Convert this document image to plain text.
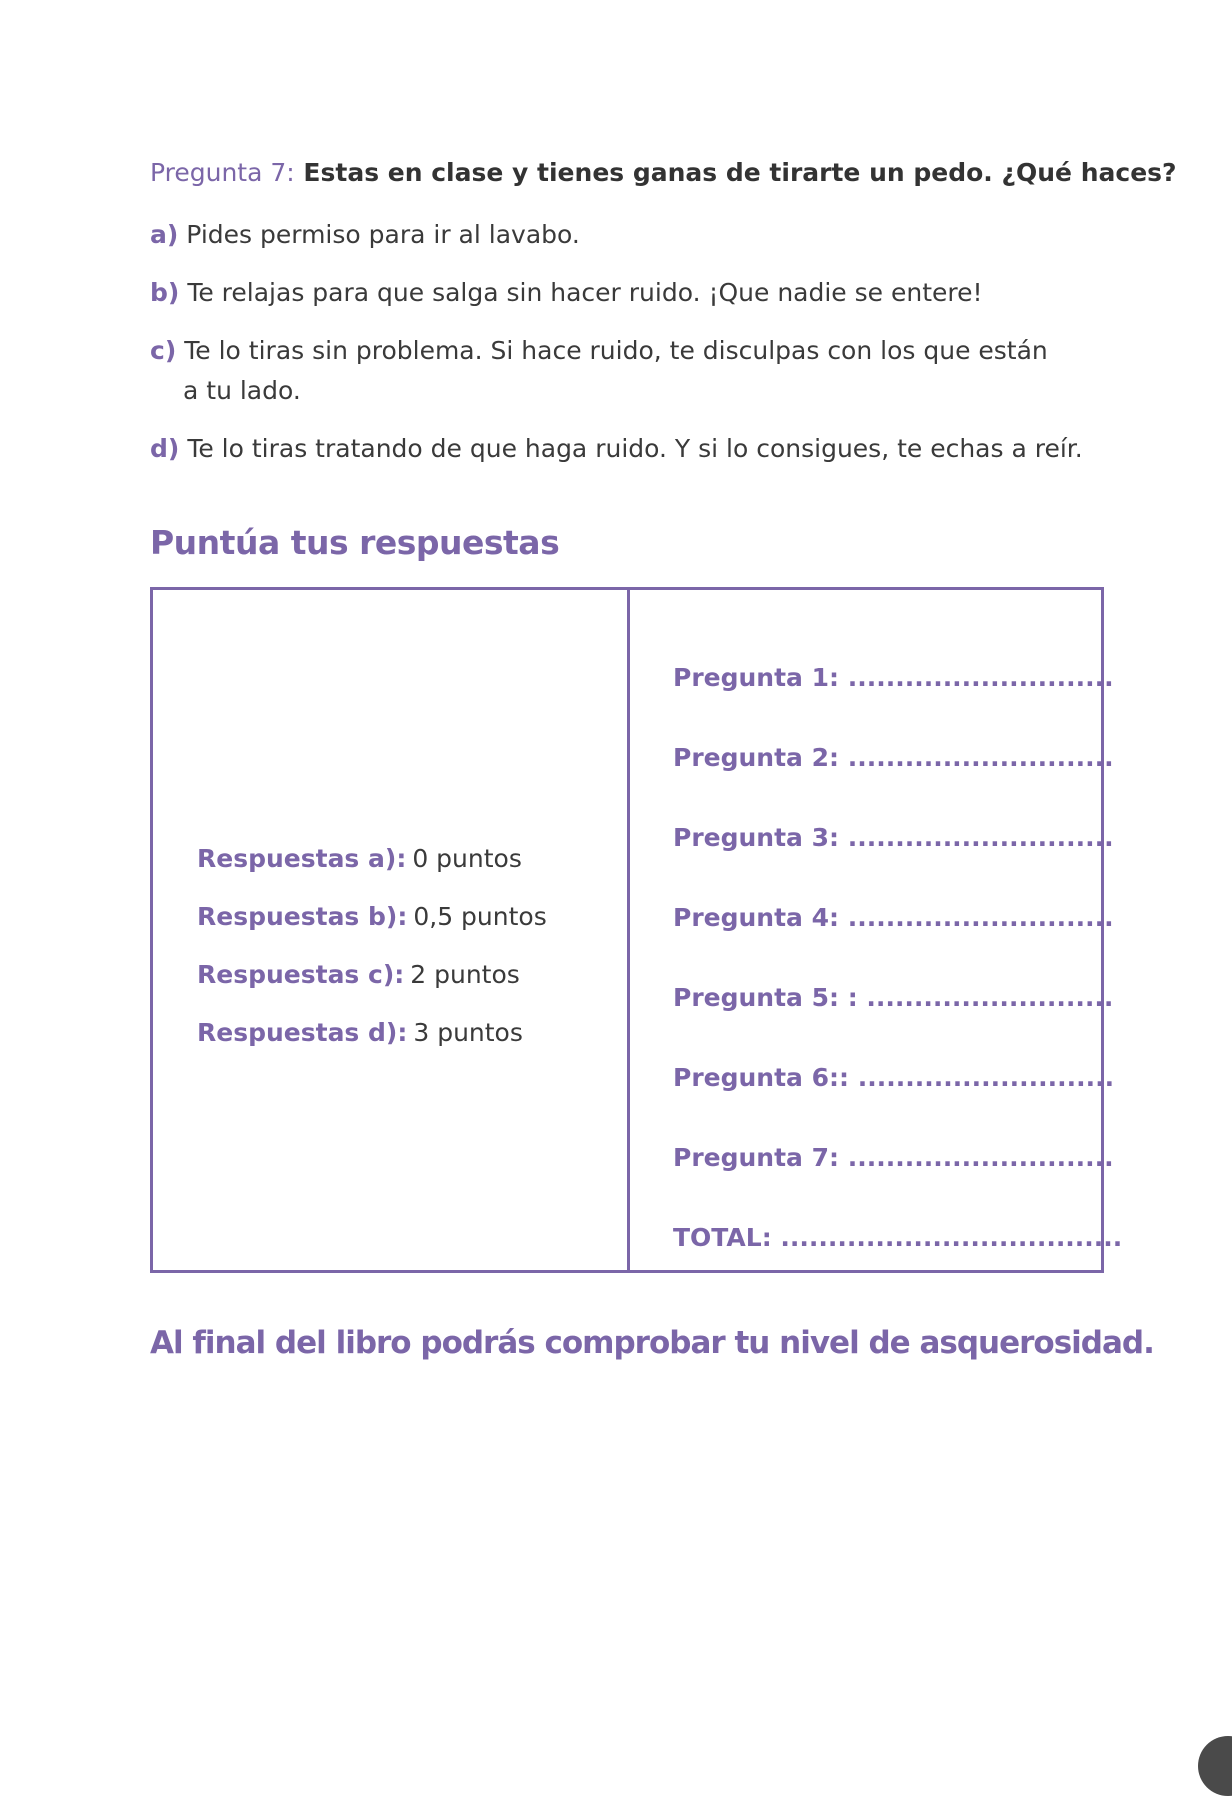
Pregunta 7: Estas en clase y tienes ganas de tirarte un pedo. ¿Qué haces?
a) Pides permiso para ir al lavabo.
b) Te relajas para que salga sin hacer ruido. ¡Que nadie se entere!
c) Te lo tiras sin problema. Si hace ruido, te disculpas con los que están
a tu lado.
d) Te lo tiras tratando de que haga ruido. Y si lo consigues, te echas a reír.
Puntúa tus respuestas
Respuestas a): 0 puntos
Respuestas b): 0,5 puntos
Respuestas c): 2 puntos
Respuestas d): 3 puntos
Pregunta 1: ............................
Pregunta 2: ............................
Pregunta 3: ............................
Pregunta 4: ............................
Pregunta 5: : ..........................
Pregunta 6:: ...........................
Pregunta 7: ............................
TOTAL: ....................................
Al final del libro podrás comprobar tu nivel de asquerosidad.
